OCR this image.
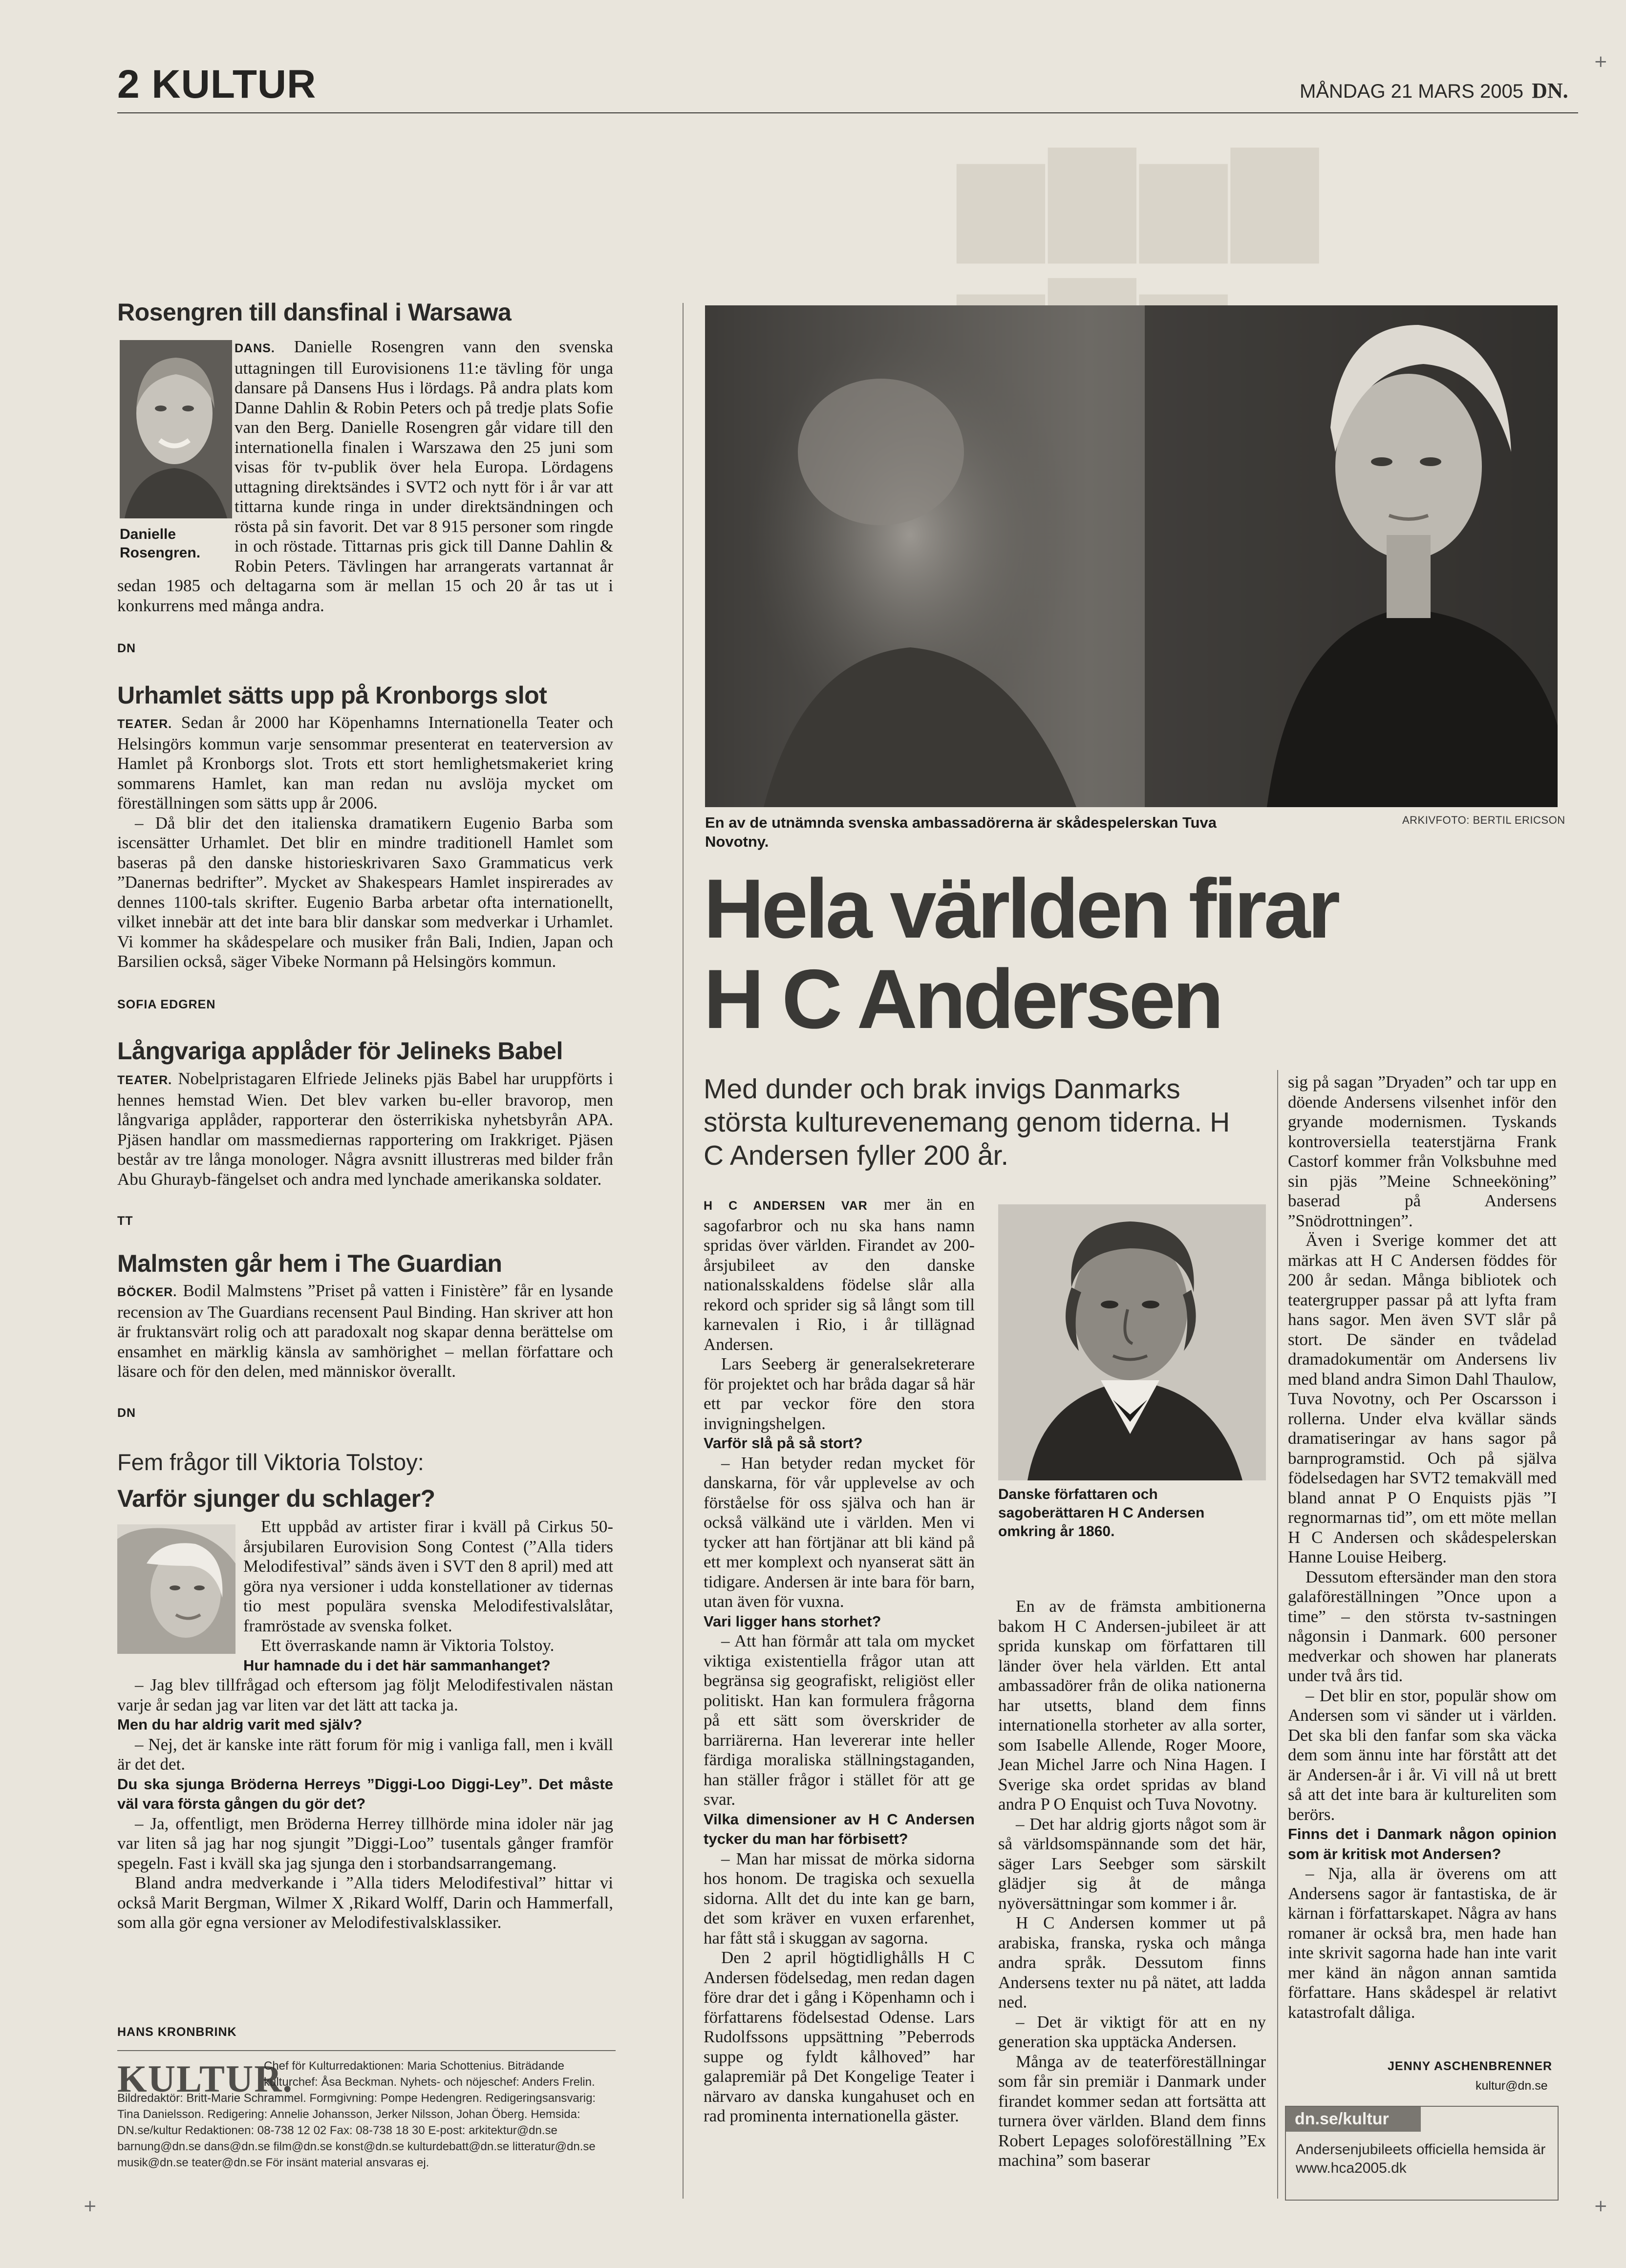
+
+	+
▆▇▆▇
2 KULTUR	MÅNDAG 21 MARS 2005 DN.
Rosengren till dansfinal i Warsawa
Danielle Rosengren.
DANS. Danielle Rosengren vann den svenska uttagningen till Eurovisionens 11:e tävling för unga dansare på Dansens Hus i lördags. På andra plats kom Danne Dahlin & Robin Peters och på tredje plats Sofie van den Berg. Danielle Rosengren går vidare till den internationella finalen i Warszawa den 25 juni som visas för tv-publik över hela Europa. Lördagens uttagning direktsändes i SVT2 och nytt för i år var att tittarna kunde ringa in under direktsändningen och rösta på sin favorit. Det var 8 915 personer som ringde in och röstade. Tittarnas pris gick till Danne Dahlin & Robin Peters. Tävlingen har arrangerats vartannat år sedan 1985 och deltagarna som är mellan 15 och 20 år tas ut i konkurrens med många andra.
DN
Urhamlet sätts upp på Kronborgs slot

TEATER. Sedan år 2000 har Köpenhamns Internationella Teater och Helsingörs kommun varje sensommar presenterat en teaterversion av Hamlet på Kronborgs slot. Trots ett stort hemlighetsmakeriet kring sommarens Hamlet, kan man redan nu avslöja mycket om föreställningen som sätts upp år 2006.

– Då blir det den italienska dramatikern Eugenio Barba som iscensätter Urhamlet. Det blir en mindre traditionell Hamlet som baseras på den danske historieskrivaren Saxo Grammaticus verk ”Danernas bedrifter”. Mycket av Shakespears Hamlet inspirerades av dennes 1100-tals skrifter. Eugenio Barba arbetar ofta internationellt, vilket innebär att det inte bara blir danskar som medverkar i Urhamlet. Vi kommer ha skådespelare och musiker från Bali, Indien, Japan och Barsilien också, säger Vibeke Normann på Helsingörs kommun.

SOFIA EDGREN
Långvariga applåder för Jelineks Babel
TEATER. Nobelpristagaren Elfriede Jelineks pjäs Babel har uruppförts i hennes hemstad Wien. Det blev varken bu-eller bravorop, men långvariga applåder, rapporterar den österrikiska nyhetsbyrån APA. Pjäsen handlar om massmediernas rapportering om Irakkriget. Pjäsen består av tre långa monologer. Några avsnitt illustreras med bilder från Abu Ghurayb-fängelset och andra med lynchade amerikanska soldater.
TT
Malmsten går hem i The Guardian
BÖCKER. Bodil Malmstens ”Priset på vatten i Finistère” får en lysande recension av The Guardians recensent Paul Binding. Han skriver att hon är fruktansvärt rolig och att paradoxalt nog skapar denna berättelse om ensamhet en märklig känsla av samhörighet – mellan författare och läsare och för den delen, med människor överallt.
DN
Fem frågor till Viktoria Tolstoy:
Varför sjunger du schlager?

Ett uppbåd av artister firar i kväll på Cirkus 50-årsjubilaren Eurovision Song Contest (”Alla tiders Melodifestival” sänds även i SVT den 8 april) med att göra nya versioner i udda konstellationer av tidernas tio mest populära svenska Melodifestivalslåtar, framröstade av svenska folket.

Ett överraskande namn är Viktoria Tolstoy.

Hur hamnade du i det här sammanhanget?

– Jag blev tillfrågad och eftersom jag följt Melodifestivalen nästan varje år sedan jag var liten var det lätt att tacka ja.

Men du har aldrig varit med själv?

– Nej, det är kanske inte rätt forum för mig i vanliga fall, men i kväll är det det.

Du ska sjunga Bröderna Herreys ”Diggi-Loo Diggi-Ley”. Det måste väl vara första gången du gör det?

– Ja, offentligt, men Bröderna Herrey tillhörde mina idoler när jag var liten så jag har nog sjungit ”Diggi-Loo” tusentals gånger framför spegeln. Fast i kväll ska jag sjunga den i storbandsarrangemang.

Bland andra medverkande i ”Alla tiders Melodifestival” hittar vi också Marit Bergman, Wilmer X ,Rikard Wolff, Darin och Hammerfall, som alla gör egna versioner av Melodifestivalsklassiker.

HANS KRONBRINK
KULTUR.
Chef för Kulturredaktionen: Maria Schottenius. Biträdande kulturchef: Åsa Beckman. Nyhets- och nöjeschef: Anders Frelin. Bildredaktör: Britt-Marie Schrammel. Formgivning: Pompe Hedengren. Redigeringsansvarig: Tina Danielsson. Redigering: Annelie Johansson, Jerker Nilsson, Johan Öberg. Hemsida: DN.se/kultur Redaktionen: 08-738 12 02 Fax: 08-738 18 30 E-post: arkitektur@dn.se barnung@dn.se dans@dn.se film@dn.se konst@dn.se kulturdebatt@dn.se litteratur@dn.se musik@dn.se teater@dn.se För insänt material ansvaras ej.
En av de utnämnda svenska ambassadörerna är skådespelerskan Tuva Novotny.
ARKIVFOTO: BERTIL ERICSON
Hela världen firar
H C Andersen
Med dunder och brak invigs Danmarks största kulturevenemang genom tiderna. H C Andersen fyller 200 år.
Danske författaren och sagoberättaren H C Andersen omkring år 1860.

H C ANDERSEN VAR mer än en sagofarbror och nu ska hans namn spridas över världen. Firandet av 200-årsjubileet av den danske nationalsskaldens födelse slår alla rekord och sprider sig så långt som till karnevalen i Rio, i år tillägnad Andersen.

Lars Seeberg är generalsekreterare för projektet och har bråda dagar så här ett par veckor före den stora invigningshelgen.

Varför slå på så stort?

– Han betyder redan mycket för danskarna, för vår upplevelse av och förståelse för oss själva och han är också välkänd ute i världen. Men vi tycker att han förtjänar att bli känd på ett mer komplext och nyanserat sätt än tidigare. Andersen är inte bara för barn, utan även för vuxna.

Vari ligger hans storhet?

– Att han förmår att tala om mycket viktiga existentiella frågor utan att begränsa sig geografiskt, religiöst eller politiskt. Han kan formulera frågorna på ett sätt som överskrider de barriärerna. Han levererar inte heller färdiga moraliska ställningstaganden, han ställer frågor i stället för att ge svar.

Vilka dimensioner av H C Andersen tycker du man har förbisett?

– Man har missat de mörka sidorna hos honom. De tragiska och sexuella sidorna. Allt det du inte kan ge barn, det som kräver en vuxen erfarenhet, har fått stå i skuggan av sagorna.

Den 2 april högtidlighålls H C Andersen födelsedag, men redan dagen före drar det i gång i Köpenhamn och i författarens födelsestad Odense. Lars Rudolfssons uppsättning ”Peberrods suppe og fyldt kålhoved” har galapremiär på Det Kongelige Teater i närvaro av danska kungahuset och en rad prominenta internationella gäster.

En av de främsta ambitionerna bakom H C Andersen-jubileet är att sprida kunskap om författaren till länder över hela världen. Ett antal ambassadörer från de olika nationerna har utsetts, bland dem finns internationella storheter av alla sorter, som Isabelle Allende, Roger Moore, Jean Michel Jarre och Nina Hagen. I Sverige ska ordet spridas av bland andra P O Enquist och Tuva Novotny.

– Det har aldrig gjorts något som är så världsomspännande som det här, säger Lars Seebger som särskilt glädjer sig åt de många nyöversättningar som kommer i år.

H C Andersen kommer ut på arabiska, franska, ryska och många andra språk. Dessutom finns Andersens texter nu på nätet, att ladda ned.

– Det är viktigt för att en ny generation ska upptäcka Andersen.

Många av de teaterföreställningar som får sin premiär i Danmark under firandet kommer sedan att fortsätta att turnera över världen. Bland dem finns Robert Lepages soloföreställning ”Ex machina” som baserar

sig på sagan ”Dryaden” och tar upp en döende Andersens vilsenhet inför den gryande modernismen. Tyskands kontroversiella teaterstjärna Frank Castorf kommer från Volksbuhne med sin pjäs ”Meine Schneeköning” baserad på Andersens ”Snödrottningen”.

Även i Sverige kommer det att märkas att H C Andersen föddes för 200 år sedan. Många bibliotek och teatergrupper passar på att lyfta fram hans sagor. Men även SVT slår på stort. De sänder en tvådelad dramadokumentär om Andersens liv med bland andra Simon Dahl Thaulow, Tuva Novotny, och Per Oscarsson i rollerna. Under elva kvällar sänds dramatiseringar av hans sagor på barnprogramstid. Och på själva födelsedagen har SVT2 temakväll med bland annat P O Enquists pjäs ”I regnormarnas tid”, om ett möte mellan H C Andersen och skådespelerskan Hanne Louise Heiberg.

Dessutom eftersänder man den stora galaföreställningen ”Once upon a time” – den största tv-sastningen någonsin i Danmark. 600 personer medverkar och showen har planerats under två års tid.

– Det blir en stor, populär show om Andersen som vi sänder ut i världen. Det ska bli den fanfar som ska väcka dem som ännu inte har förstått att det är Andersen-år i år. Vi vill nå ut brett så att det inte bara är kultureliten som berörs.

Finns det i Danmark någon opinion som är kritisk mot Andersen?

– Nja, alla är överens om att Andersens sagor är fantastiska, de är kärnan i författarskapet. Några av hans romaner är också bra, men hade han inte skrivit sagorna hade han inte varit mer känd än någon annan samtida författare. Hans skådespel är relativt katastrofalt dåliga.

JENNY ASCHENBRENNER
kultur@dn.se
dn.se/kultur
Andersenjubileets officiella hemsida är www.hca2005.dk
